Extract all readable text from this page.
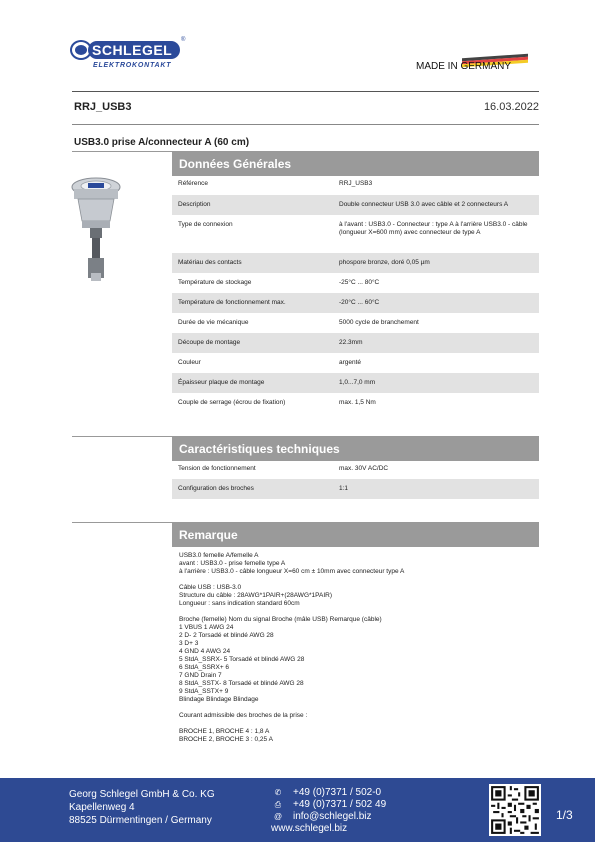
SCHLEGEL
®
ELEKTROKONTAKT	MADE IN GERMANY
RRJ_USB3	16.03.2022
USB3.0 prise A/connecteur A (60 cm)
Données Générales
Référence	RRJ_USB3
Description	Double connecteur USB 3.0 avec câble et 2 connecteurs A
Type de connexion	à l'avant : USB3.0 - Connecteur : type A à l'arrière USB3.0 - câble (longueur X=600 mm) avec connecteur de type A
Matériau des contacts	phospore bronze, doré 0,05 µm
Température de stockage	-25°C ... 80°C
Température de fonctionnement max.	-20°C ... 60°C
Durée de vie mécanique	5000 cycle de branchement
Découpe de montage	22.3mm
Couleur	argenté
Épaisseur plaque de montage	1,0...7,0 mm
Couple de serrage (écrou de fixation)	max. 1,5 Nm
Caractéristiques techniques
Tension de fonctionnement	max. 30V AC/DC
Configuration des broches	1:1
Remarque
USB3.0 femelle A/femelle A
avant : USB3.0 - prise femelle type A
à l'arrière : USB3.0 - câble longueur X=60 cm ± 10mm avec connecteur type A
Câble USB : USB-3.0
Structure du câble : 28AWG*1PAIR+(28AWG*1PAIR)
Longueur : sans indication standard 60cm
Broche (femelle) Nom du signal Broche (mâle USB) Remarque (câble)
1 VBUS 1 AWG 24
2 D- 2 Torsadé et blindé AWG 28
3 D+ 3
4 GND 4 AWG 24
5 StdA_SSRX- 5 Torsadé et blindé AWG 28
6 StdA_SSRX+ 6
7 GND Drain 7
8 StdA_SSTX- 8 Torsadé et blindé AWG 28
9 StdA_SSTX+ 9
Blindage Blindage Blindage
Courant admissible des broches de la prise :
BROCHE 1, BROCHE 4 : 1,8 A
BROCHE 2, BROCHE 3 : 0,25 A
Georg Schlegel GmbH & Co. KG
Kapellenweg 4
88525 Dürmentingen / Germany
✆	+49 (0)7371 / 502-0
⎙	+49 (0)7371 / 502 49
@ info@schlegel.biz
www.schlegel.biz
1/3
